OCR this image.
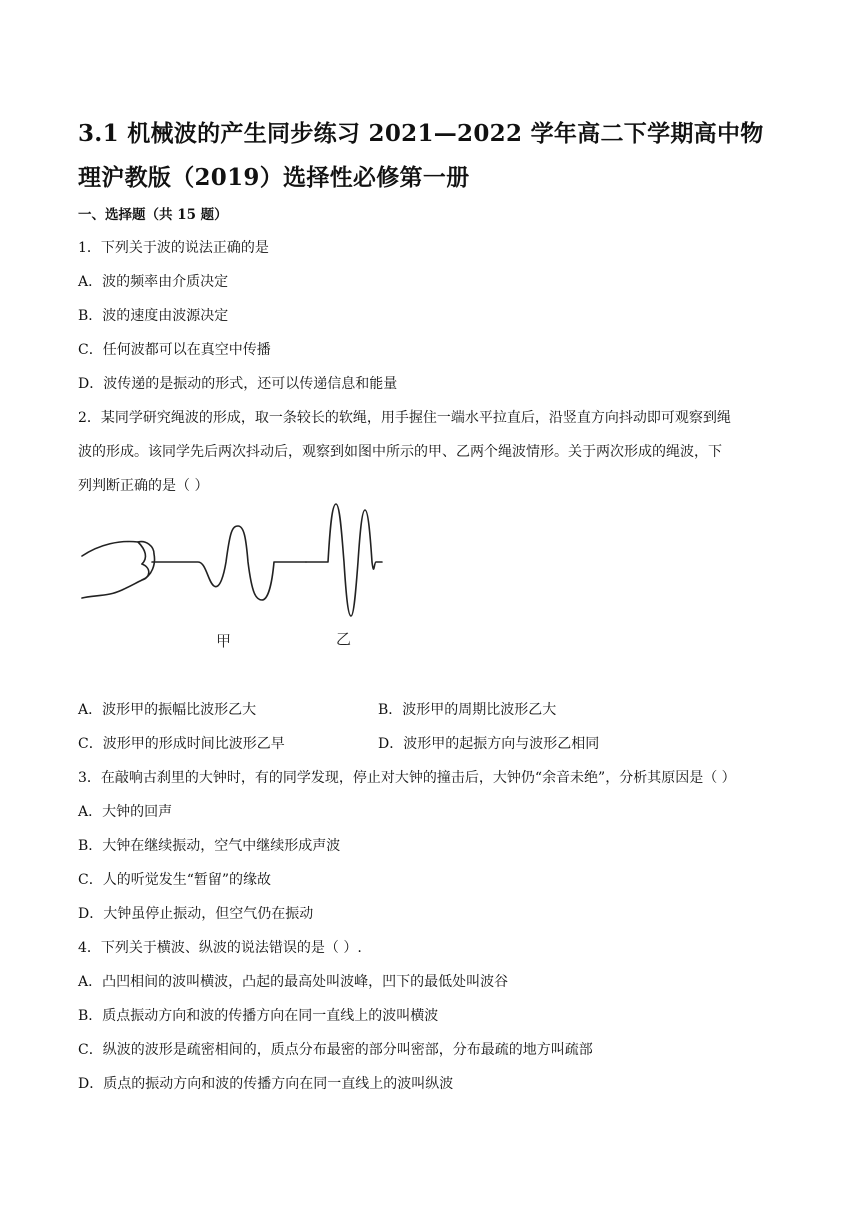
3.1 机械波的产生同步练习 2021—2022 学年高二下学期高中物理沪教版（2019）选择性必修第一册
一、选择题（共 15 题）
1．下列关于波的说法正确的是
A．波的频率由介质决定
B．波的速度由波源决定
C．任何波都可以在真空中传播
D．波传递的是振动的形式，还可以传递信息和能量
2．某同学研究绳波的形成，取一条较长的软绳，用手握住一端水平拉直后，沿竖直方向抖动即可观察到绳
波的形成。该同学先后两次抖动后，观察到如图中所示的甲、乙两个绳波情形。关于两次形成的绳波，下
列判断正确的是（ ）
甲	乙
A．波形甲的振幅比波形乙大	B．波形甲的周期比波形乙大
C．波形甲的形成时间比波形乙早	D．波形甲的起振方向与波形乙相同
3．在敲响古刹里的大钟时，有的同学发现，停止对大钟的撞击后，大钟仍“余音未绝”，分析其原因是（ ）
A．大钟的回声
B．大钟在继续振动，空气中继续形成声波
C．人的听觉发生“暂留”的缘故
D．大钟虽停止振动，但空气仍在振动
4．下列关于横波、纵波的说法错误的是（ ）.
A．凸凹相间的波叫横波，凸起的最高处叫波峰，凹下的最低处叫波谷
B．质点振动方向和波的传播方向在同一直线上的波叫横波
C．纵波的波形是疏密相间的，质点分布最密的部分叫密部，分布最疏的地方叫疏部
D．质点的振动方向和波的传播方向在同一直线上的波叫纵波
